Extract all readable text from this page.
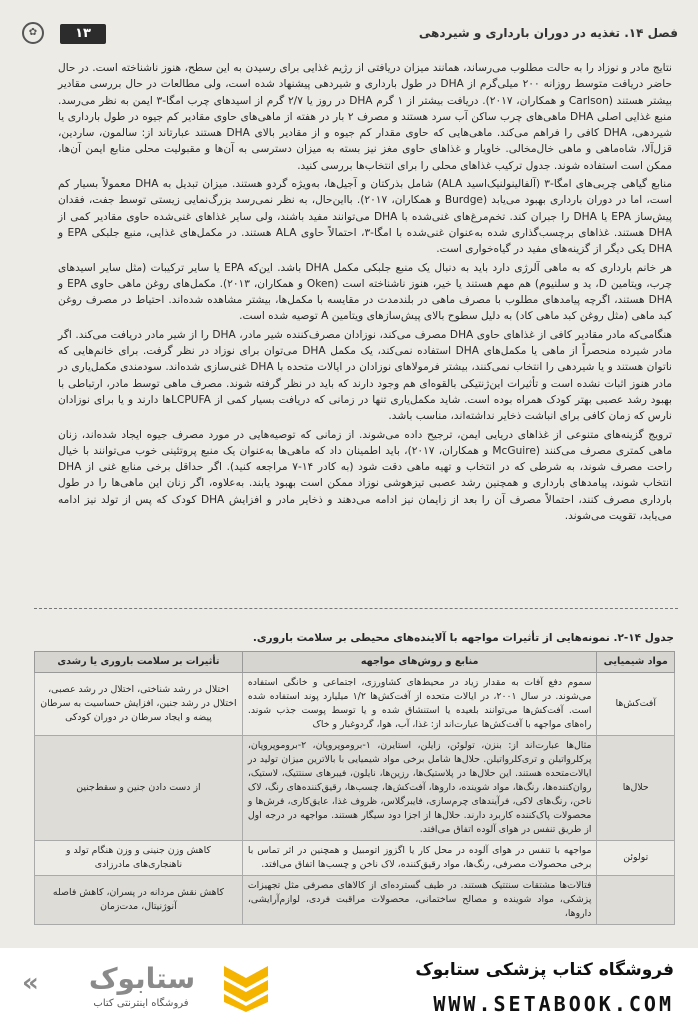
فصل ۱۴. تغذیه در دوران بارداری و شیردهی
۱۳
✿

نتایج مادر و نوزاد را به حالت مطلوب می‌رساند، همانند میزان دریافتی از رژیم غذایی برای رسیدن به این سطح، هنوز ناشناخته است. در حال حاضر دریافت متوسط روزانه ۲۰۰ میلی‌گرم از DHA در طول بارداری و شیردهی پیشنهاد شده است، ولی مطالعات در حال بررسی مقادیر بیشتر هستند (Carlson و همکاران، ۲۰۱۷). دریافت بیشتر از ۱ گرم DHA در روز یا ۲/۷ گرم از اسیدهای چرب امگا-۳ ایمن به نظر می‌رسد. منبع غذایی اصلی DHA ماهی‌های چرب ساکن آب سرد هستند و مصرف ۲ بار در هفته از ماهی‌های حاوی مقادیر کم جیوه در طول بارداری یا شیردهی، DHA کافی را فراهم می‌کند. ماهی‌هایی که حاوی مقدار کم جیوه و از مقادیر بالای DHA هستند عبارتاند از: سالمون، ساردین، قزل‌آلا، شاه‌ماهی و ماهی خال‌مخالی. خاویار و غذاهای حاوی مغز نیز بسته به میزان دسترسی به آن‌ها و مقبولیت محلی منابع ایمن آن‌ها، ممکن است استفاده شوند. جدول ترکیب غذاهای محلی را برای انتخاب‌ها بررسی کنید.

منابع گیاهی چربی‌های امگا-۳ (آلفالینولنیک‌اسید ALA) شامل بذرکتان و آجیل‌ها، به‌ویژه گردو هستند. میزان تبدیل به DHA معمولاً بسیار کم است، اما در دوران بارداری بهبود می‌یابد (Burdge و همکاران، ۲۰۱۷). بااین‌حال، به نظر نمی‌رسد بزرگ‌نمایی زیستی توسط جفت، فقدان پیش‌ساز EPA یا DHA را جبران کند. تخم‌مرغ‌های غنی‌شده با DHA می‌توانند مفید باشند، ولی سایر غذاهای غنی‌شده حاوی مقادیر کمی از DHA هستند. غذاهای برچسب‌گذاری شده به‌عنوان غنی‌شده با امگا-۳، احتمالاً حاوی ALA هستند. در مکمل‌های غذایی، منبع جلبکی EPA و DHA یکی دیگر از گزینه‌های مفید در گیاه‌خواری است.

هر خانم بارداری که به ماهی آلرژی دارد باید به دنبال یک منبع جلبکی مکمل DHA باشد. این‌که EPA یا سایر ترکیبات (مثل سایر اسیدهای چرب، ویتامین D، ید و سلنیوم) هم مهم هستند یا خیر، هنوز ناشناخته است (Oken و همکاران، ۲۰۱۳). مکمل‌های روغن ماهی حاوی EPA و DHA هستند، اگرچه پیامدهای مطلوب با مصرف ماهی در بلندمدت در مقایسه با مکمل‌ها، بیشتر مشاهده شده‌اند. احتیاط در مصرف روغن کبد ماهی (مثل روغن کبد ماهی کاد) به دلیل سطوح بالای پیش‌سازهای ویتامین A توصیه شده است.

هنگامی‌که مادر مقادیر کافی از غذاهای حاوی DHA مصرف می‌کند، نوزادان مصرف‌کننده شیر مادر، DHA را از شیر مادر دریافت می‌کند. اگر مادر شیرده منحصراً از ماهی یا مکمل‌های DHA استفاده نمی‌کند، یک مکمل DHA می‌توان برای نوزاد در نظر گرفت. برای خانم‌هایی که ناتوان هستند و یا شیردهی را انتخاب نمی‌کنند، بیشتر فرمولاهای نوزادان در ایالات متحده با DHA غنی‌سازی شده‌اند. سودمندی مکمل‌یاری در مادر هنوز اثبات نشده است و تأثیرات این‌ژنتیکی بالقوه‌ای هم وجود دارند که باید در نظر گرفته شوند. مصرف ماهی توسط مادر، ارتباطی با بهبود رشد عصبی بهتر کودک همراه بوده است. شاید مکمل‌یاری تنها در زمانی که دریافت بسیار کمی از LCPUFAها دارند و یا برای نوزادان نارس که زمان کافی برای انباشت ذخایر نداشته‌اند، مناسب باشد.

ترویج گزینه‌های متنوعی از غذاهای دریایی ایمن، ترجیح داده می‌شوند. از زمانی که توصیه‌هایی در مورد مصرف جیوه ایجاد شده‌اند، زنان ماهی کمتری مصرف می‌کنند (McGuire و همکاران، ۲۰۱۷)، باید اطمینان داد که ماهی‌ها به‌عنوان یک منبع پروتئینی خوب می‌توانند با خیال راحت مصرف شوند، به شرطی که در انتخاب و تهیه ماهی دقت شود (به کادر ۱۴-۷ مراجعه کنید). اگر حداقل برخی منابع غنی از DHA انتخاب شوند، پیامدهای بارداری و همچنین رشد عصبی تیزهوشی نوزاد ممکن است بهبود یابند. به‌علاوه، اگر زنان این ماهی‌ها را در طول بارداری مصرف کنند، احتمالاً مصرف آن را بعد از زایمان نیز ادامه می‌دهند و ذخایر مادر و افزایش DHA کودک که پس از تولد نیز ادامه می‌یابد، تقویت می‌شوند.

جدول ۱۴-۲. نمونه‌هایی از تأثیرات مواجهه با آلاینده‌های محیطی بر سلامت باروری.
مواد شیمیایی	منابع و روش‌های مواجهه	تأثیرات بر سلامت باروری یا رشدی
آفت‌کش‌ها	سموم دفع آفات به مقدار زیاد در محیط‌های کشاورزی، اجتماعی و خانگی استفاده می‌شوند. در سال ۲۰۰۱، در ایالات متحده از آفت‌کش‌ها ۱/۲ میلیارد پوند استفاده شده است. آفت‌کش‌ها می‌توانند بلعیده یا استنشاق شده و یا توسط پوست جذب شوند. راه‌های مواجهه با آفت‌کش‌ها عبارت‌اند از: غذا، آب، هوا، گردوغبار و خاک	اختلال در رشد شناختی، اختلال در رشد عصبی، اختلال در رشد جنین، افزایش حساسیت به سرطان پیضه و ایجاد سرطان در دوران کودکی
حلال‌ها	مثال‌ها عبارت‌اند از: بنزن، تولوئن، زایلن، استایرن، ۱-بروموپروپان، ۲-بروموپروپان، پرکلرواتیلن و تری‌کلرواتیلن. حلال‌ها شامل برخی مواد شیمیایی با بالاترین میزان تولید در ایالات‌متحده هستند. این حلال‌ها در پلاستیک‌ها، رزین‌ها، نایلون، فیبرهای سنتتیک، لاستیک، روان‌کننده‌ها، رنگ‌ها، مواد شوینده، داروها، آفت‌کش‌ها، چسب‌ها، رقیق‌کننده‌های رنگ، لاک ناخن، رنگ‌های لاکی، فرآیندهای چرم‌سازی، فایبرگلاس، ظروف غذا، عایق‌کاری، فرش‌ها و محصولات پاک‌کننده کاربرد دارند. حلال‌ها از اجزا دود سیگار هستند. مواجهه در درجه اول از طریق تنفس در هوای آلوده اتفاق می‌افتد.	از دست دادن جنین و سقط‌جنین
تولوئن	مواجهه با تنفس در هوای آلوده در محل کار یا اگزوز اتومبیل و همچنین در اثر تماس با برخی محصولات مصرفی، رنگ‌ها، مواد رقیق‌کننده، لاک ناخن و چسب‌ها اتفاق می‌افتد.	کاهش وزن جنینی و وزن هنگام تولد و ناهنجاری‌های مادرزادی
	فتالات‌ها مشتقات سنتتیک هستند. در طیف گسترده‌ای از کالاهای مصرفی مثل تجهیزات پزشکی، مواد شوینده و مصالح ساختمانی، محصولات مراقبت فردی، لوازم‌آرایشی، داروها،	کاهش نقش مردانه در پسران، کاهش فاصله آنوژنیتال، مدت‌زمان
« ستابوک
فروشگاه اینترنتی کتاب
فروشگاه کتاب پزشکی ستابوک
WWW.SETABOOK.COM
